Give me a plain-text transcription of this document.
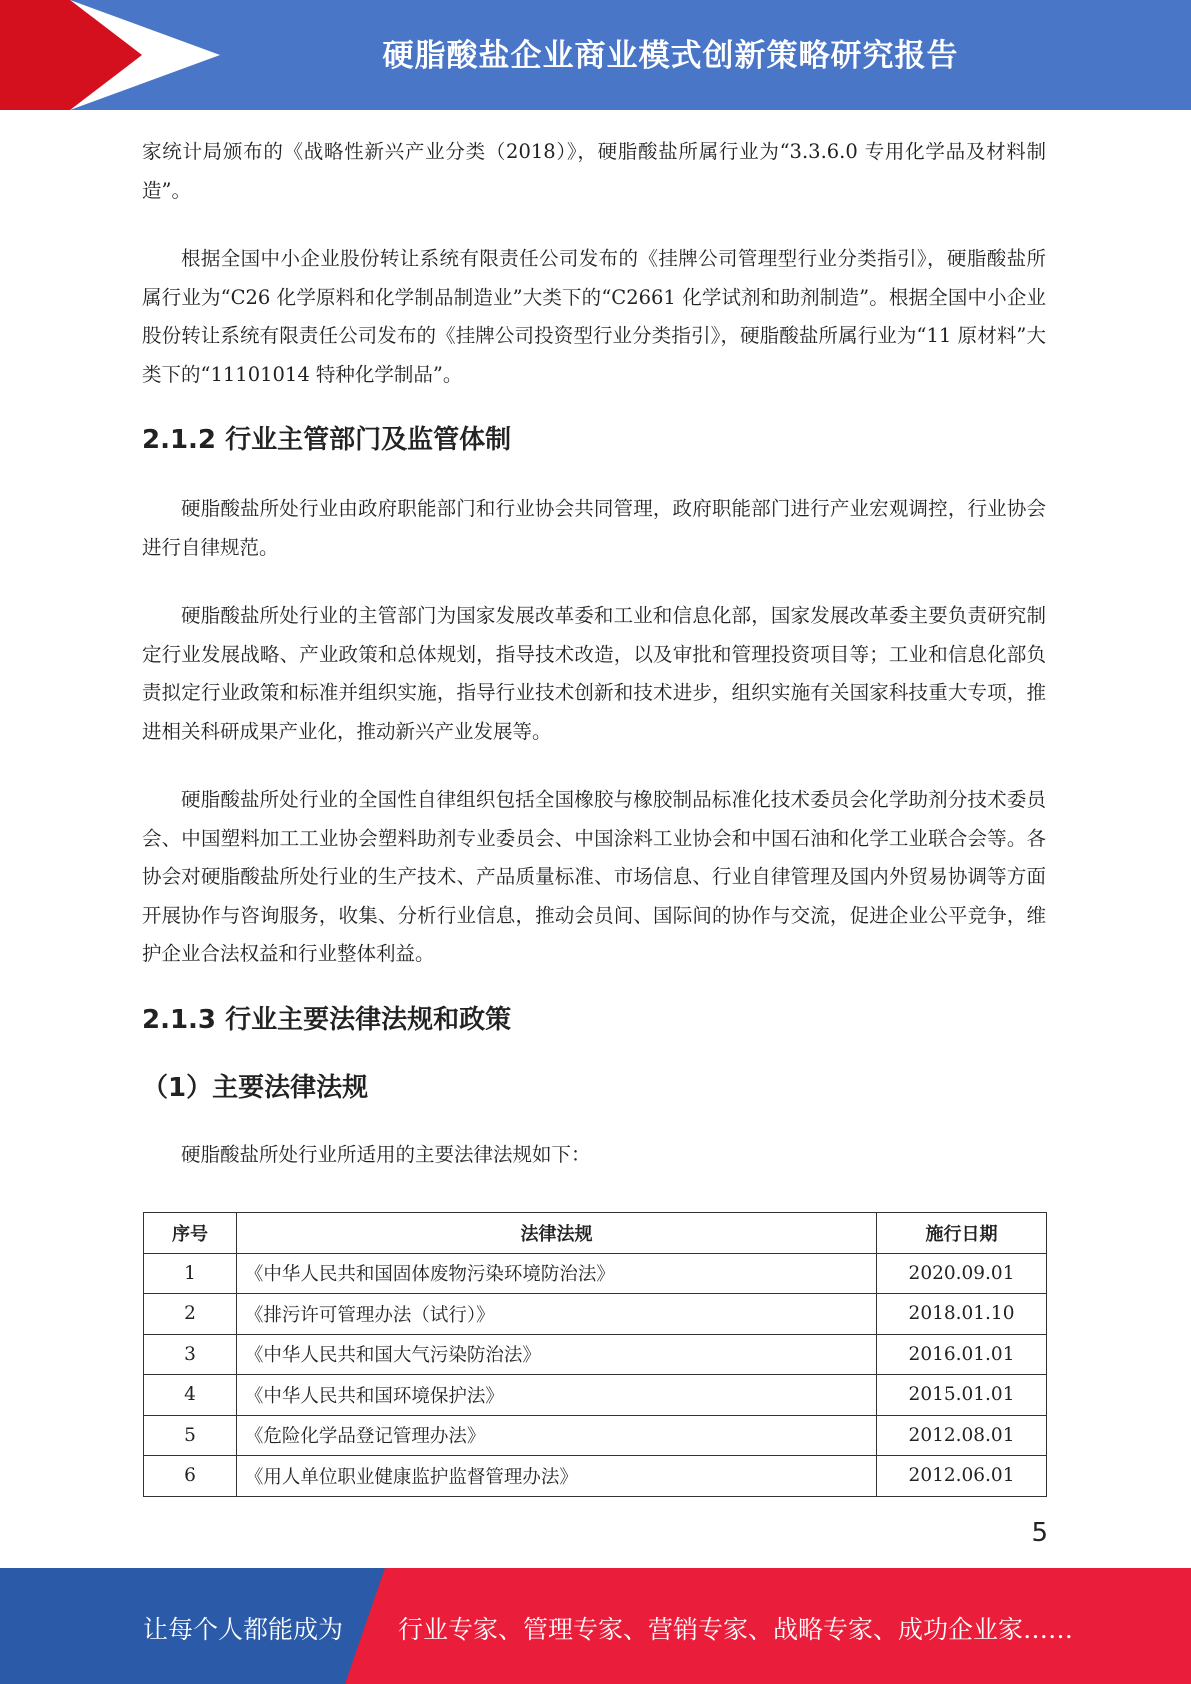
硬脂酸盐企业商业模式创新策略研究报告

家统计局颁布的《战略性新兴产业分类（2018）》，硬脂酸盐所属行业为“3.3.6.0 专用化学品及材料制造”。

根据全国中小企业股份转让系统有限责任公司发布的《挂牌公司管理型行业分类指引》，硬脂酸盐所属行业为“C26 化学原料和化学制品制造业”大类下的“C2661 化学试剂和助剂制造”。根据全国中小企业股份转让系统有限责任公司发布的《挂牌公司投资型行业分类指引》，硬脂酸盐所属行业为“11 原材料”大类下的“11101014 特种化学制品”。

2.1.2 行业主管部门及监管体制

硬脂酸盐所处行业由政府职能部门和行业协会共同管理，政府职能部门进行产业宏观调控，行业协会进行自律规范。

硬脂酸盐所处行业的主管部门为国家发展改革委和工业和信息化部，国家发展改革委主要负责研究制定行业发展战略、产业政策和总体规划，指导技术改造，以及审批和管理投资项目等；工业和信息化部负责拟定行业政策和标准并组织实施，指导行业技术创新和技术进步，组织实施有关国家科技重大专项，推进相关科研成果产业化，推动新兴产业发展等。

硬脂酸盐所处行业的全国性自律组织包括全国橡胶与橡胶制品标准化技术委员会化学助剂分技术委员会、中国塑料加工工业协会塑料助剂专业委员会、中国涂料工业协会和中国石油和化学工业联合会等。各协会对硬脂酸盐所处行业的生产技术、产品质量标准、市场信息、行业自律管理及国内外贸易协调等方面开展协作与咨询服务，收集、分析行业信息，推动会员间、国际间的协作与交流，促进企业公平竞争，维护企业合法权益和行业整体利益。

2.1.3 行业主要法律法规和政策
（1）主要法律法规

硬脂酸盐所处行业所适用的主要法律法规如下：

序号	法律法规	施行日期
1	《中华人民共和国固体废物污染环境防治法》	2020.09.01
2	《排污许可管理办法（试行）》	2018.01.10
3	《中华人民共和国大气污染防治法》	2016.01.01
4	《中华人民共和国环境保护法》	2015.01.01
5	《危险化学品登记管理办法》	2012.08.01
6	《用人单位职业健康监护监督管理办法》	2012.06.01
5
让每个人都能成为 行业专家、管理专家、营销专家、战略专家、成功企业家……
